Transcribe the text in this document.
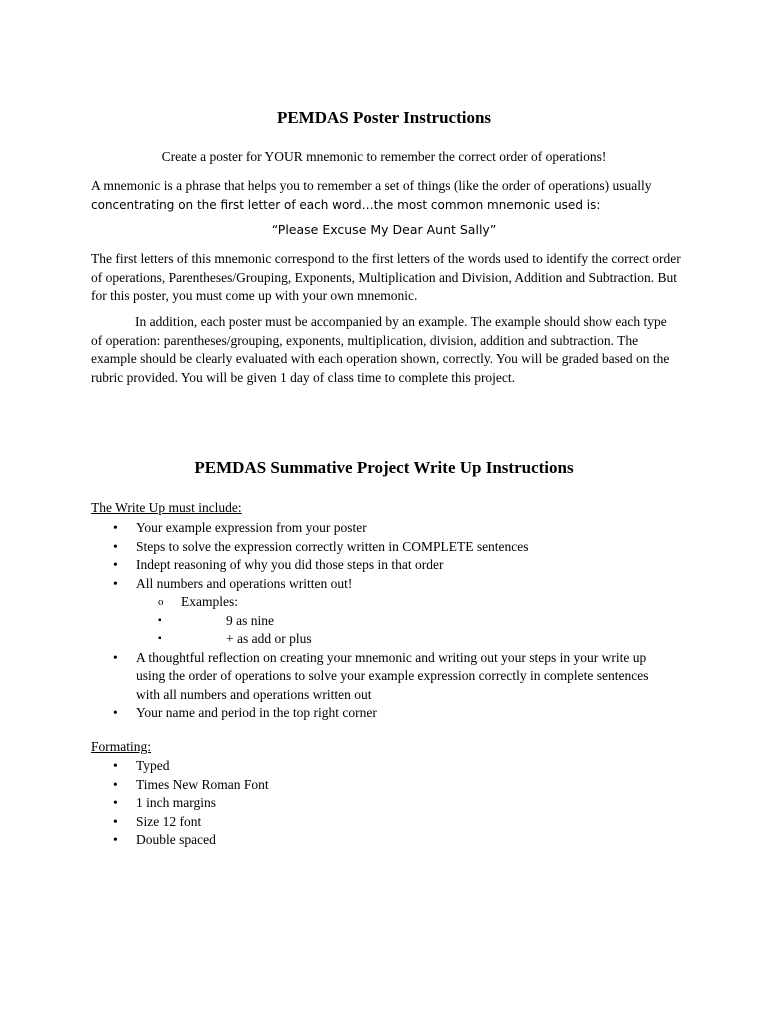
PEMDAS Poster Instructions

Create a poster for YOUR mnemonic to remember the correct order of operations!

A mnemonic is a phrase that helps you to remember a set of things (like the order of operations) usually
concentrating on the first letter of each word…the most common mnemonic used is:

“Please Excuse My Dear Aunt Sally”

The first letters of this mnemonic correspond to the first letters of the words used to identify the correct order of operations, Parentheses/Grouping, Exponents, Multiplication and Division, Addition and Subtraction. But for this poster, you must come up with your own mnemonic.

In addition, each poster must be accompanied by an example. The example should show each type of operation: parentheses/grouping, exponents, multiplication, division, addition and subtraction. The example should be clearly evaluated with each operation shown, correctly. You will be graded based on the rubric provided. You will be given 1 day of class time to complete this project.

PEMDAS Summative Project Write Up Instructions

The Write Up must include:

• Your example expression from your poster
• Steps to solve the expression correctly written in COMPLETE sentences
• Indept reasoning of why you did those steps in that order
• All numbers and operations written out!
o Examples:
▪	9 as nine
▪	+ as add or plus
• A thoughtful reflection on creating your mnemonic and writing out your steps in your write up using the order of operations to solve your example expression correctly in complete sentences with all numbers and operations written out
• Your name and period in the top right corner

Formating:

• Typed
• Times New Roman Font
• 1 inch margins
• Size 12 font
• Double spaced
